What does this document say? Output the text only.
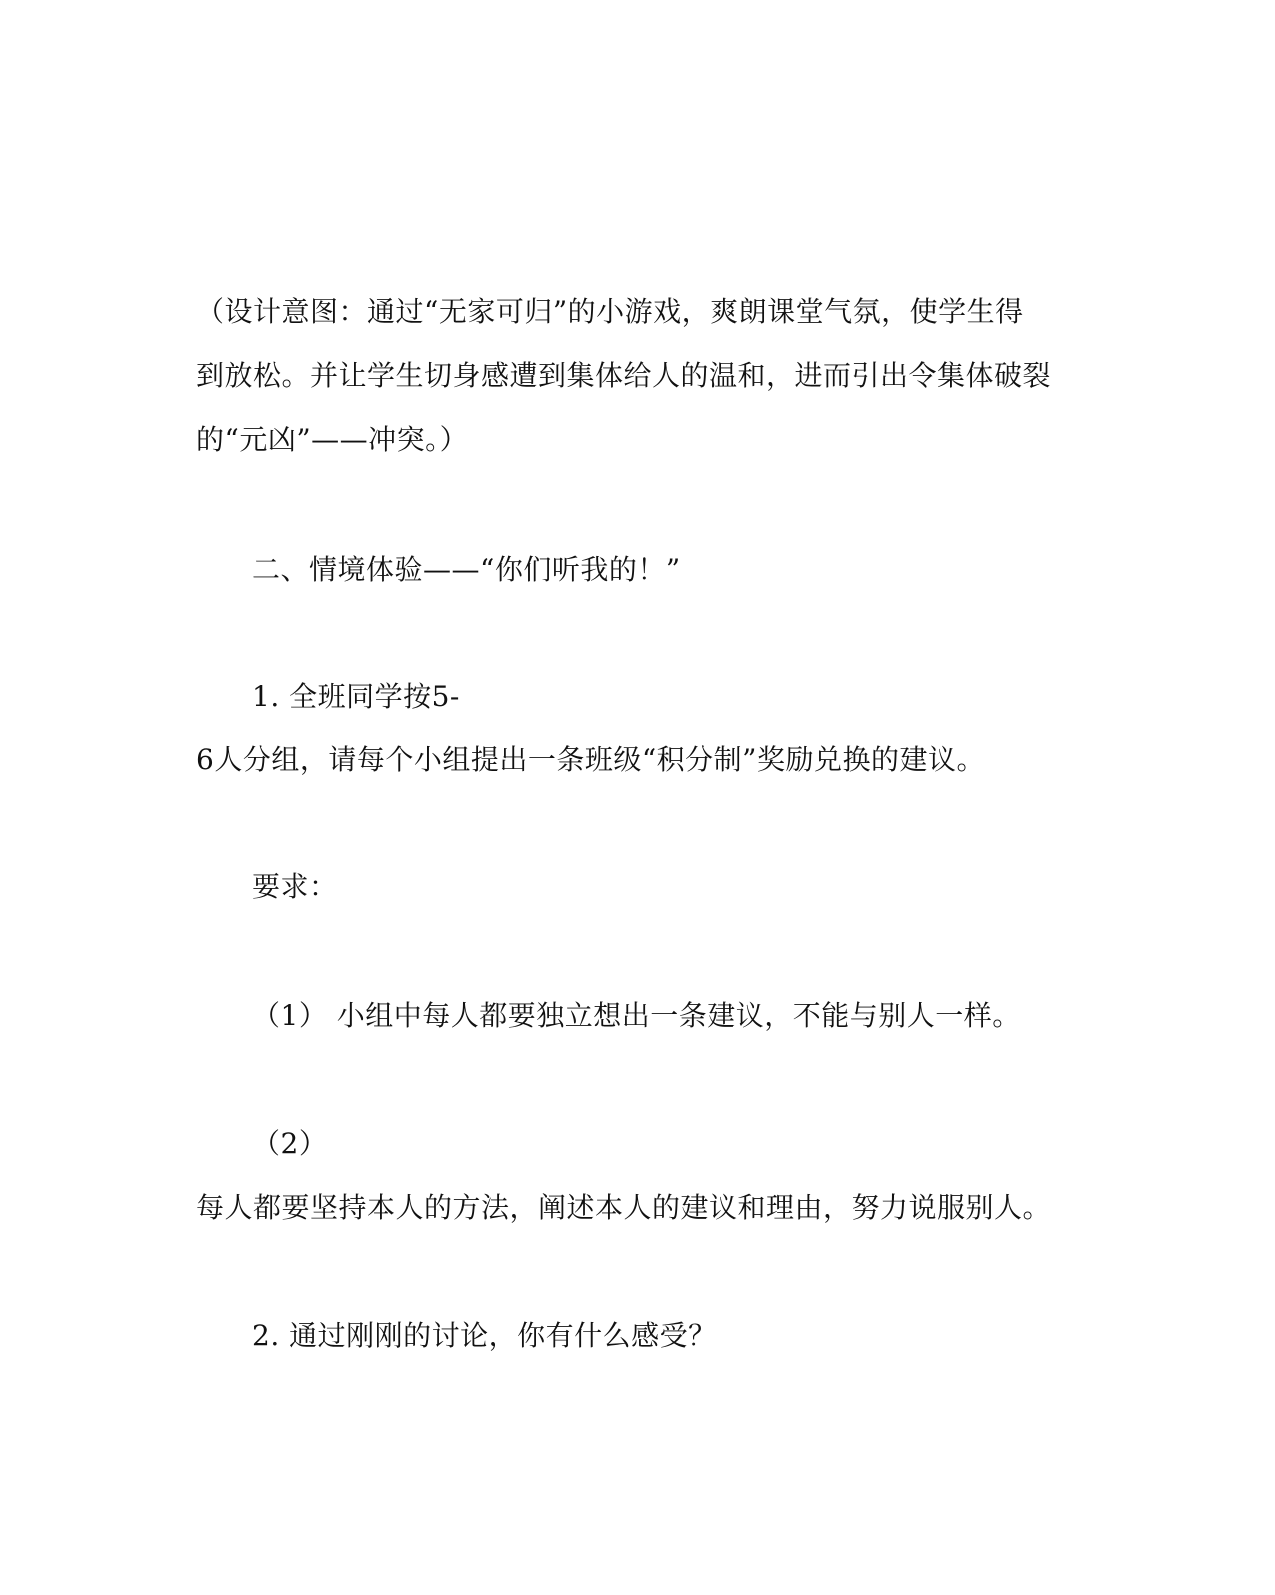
（设计意图：通过“无家可归”的小游戏，爽朗课堂气氛，使学生得
到放松。并让学生切身感遭到集体给人的温和，进而引出令集体破裂
的“元凶”——冲突。）
二、情境体验——“你们听我的！”
1. 全班同学按5-
6人分组，请每个小组提出一条班级“积分制”奖励兑换的建议。
要求：
（1） 小组中每人都要独立想出一条建议，不能与别人一样。
（2）
每人都要坚持本人的方法，阐述本人的建议和理由，努力说服别人。
2. 通过刚刚的讨论，你有什么感受？
